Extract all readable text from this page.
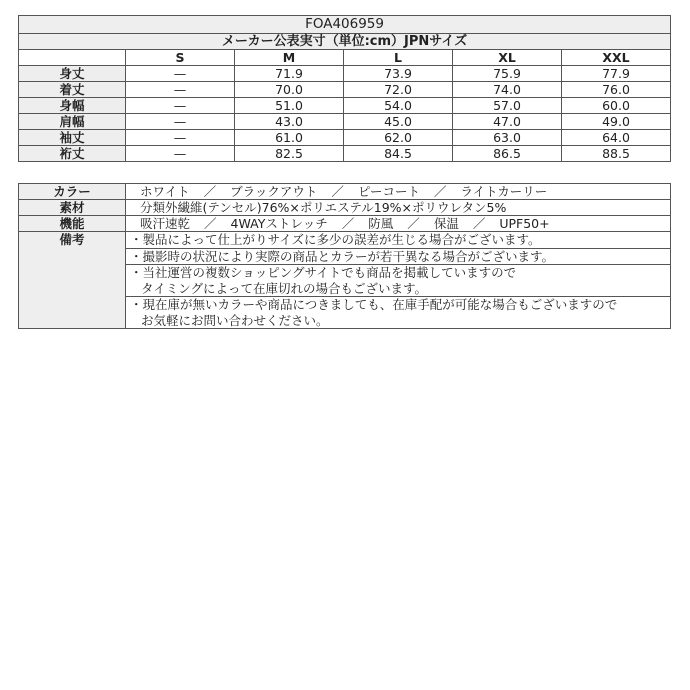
FOA406959					
メーカー公表実寸（単位:cm）JPNサイズ					
	S	M	L	XL	XXL
身丈	—	71.9	73.9	75.9	77.9
着丈	—	70.0	72.0	74.0	76.0
身幅	—	51.0	54.0	57.0	60.0
肩幅	—	43.0	45.0	47.0	49.0
袖丈	—	61.0	62.0	63.0	64.0
裄丈	—	82.5	84.5	86.5	88.5
カラー	ホワイト ／ ブラックアウト ／ ピーコート ／ ライトカーリー
素材	分類外繊維(テンセル)76%×ポリエステル19%×ポリウレタン5%
機能	吸汗速乾 ／ 4WAYストレッチ ／ 防風 ／ 保温 ／ UPF50+
備考	・製品によって仕上がりサイズに多少の誤差が生じる場合がございます。

	・撮影時の状況により実際の商品とカラーが若干異なる場合がございます。

	・当社運営の複数ショッピングサイトでも商品を掲載していますので
タイミングによって在庫切れの場合もございます。

	・現在庫が無いカラーや商品につきましても、在庫手配が可能な場合もございますので
お気軽にお問い合わせください。
